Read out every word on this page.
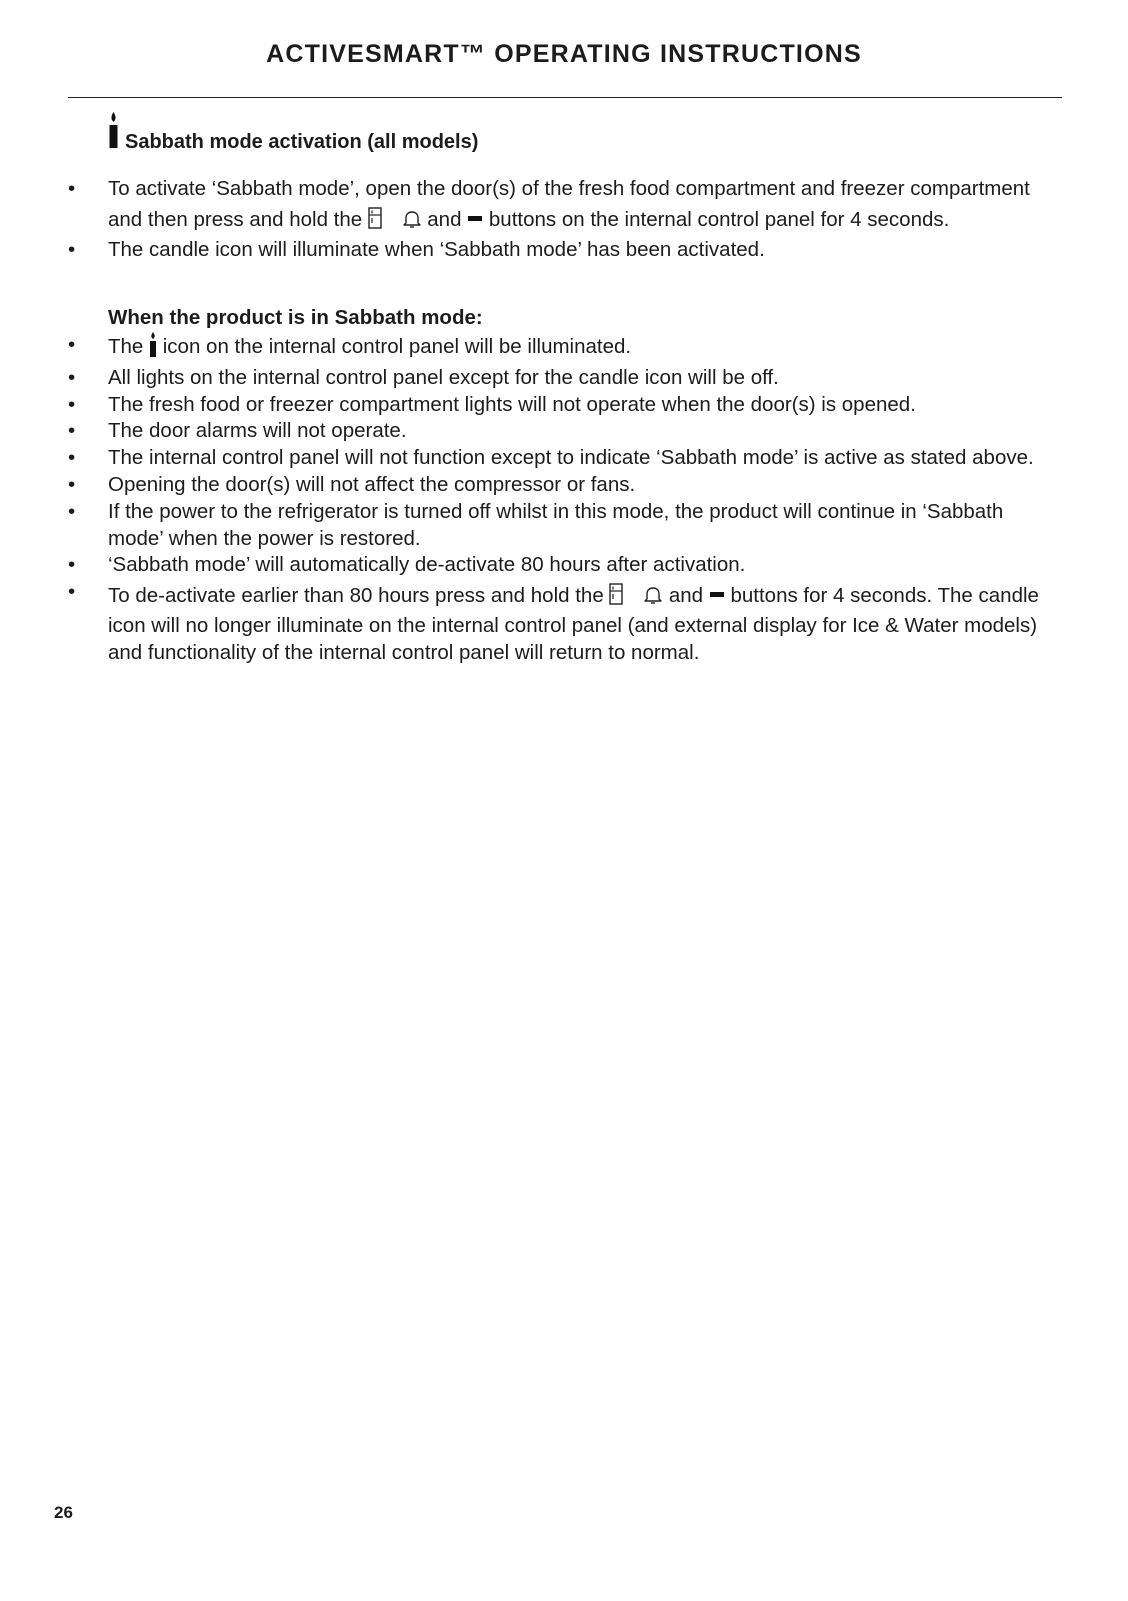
ACTIVESMART™ OPERATING INSTRUCTIONS
Sabbath mode activation (all models)
• To activate ‘Sabbath mode’, open the door(s) of the fresh food compartment and freezer compartment and then press and hold the	and buttons on the internal control panel for 4 seconds.
• The candle icon will illuminate when ‘Sabbath mode’ has been activated.
When the product is in Sabbath mode:
• The icon on the internal control panel will be illuminated.
• All lights on the internal control panel except for the candle icon will be off.
• The fresh food or freezer compartment lights will not operate when the door(s) is opened.
• The door alarms will not operate.
• The internal control panel will not function except to indicate ‘Sabbath mode’ is active as stated above.
• Opening the door(s) will not affect the compressor or fans.
• If the power to the refrigerator is turned off whilst in this mode, the product will continue in ‘Sabbath mode’ when the power is restored.
• ‘Sabbath mode’ will automatically de-activate 80 hours after activation.
• To de-activate earlier than 80 hours press and hold the	and buttons for 4 seconds. The candle icon will no longer illuminate on the internal control panel (and external display for Ice & Water models) and functionality of the internal control panel will return to normal.
26
